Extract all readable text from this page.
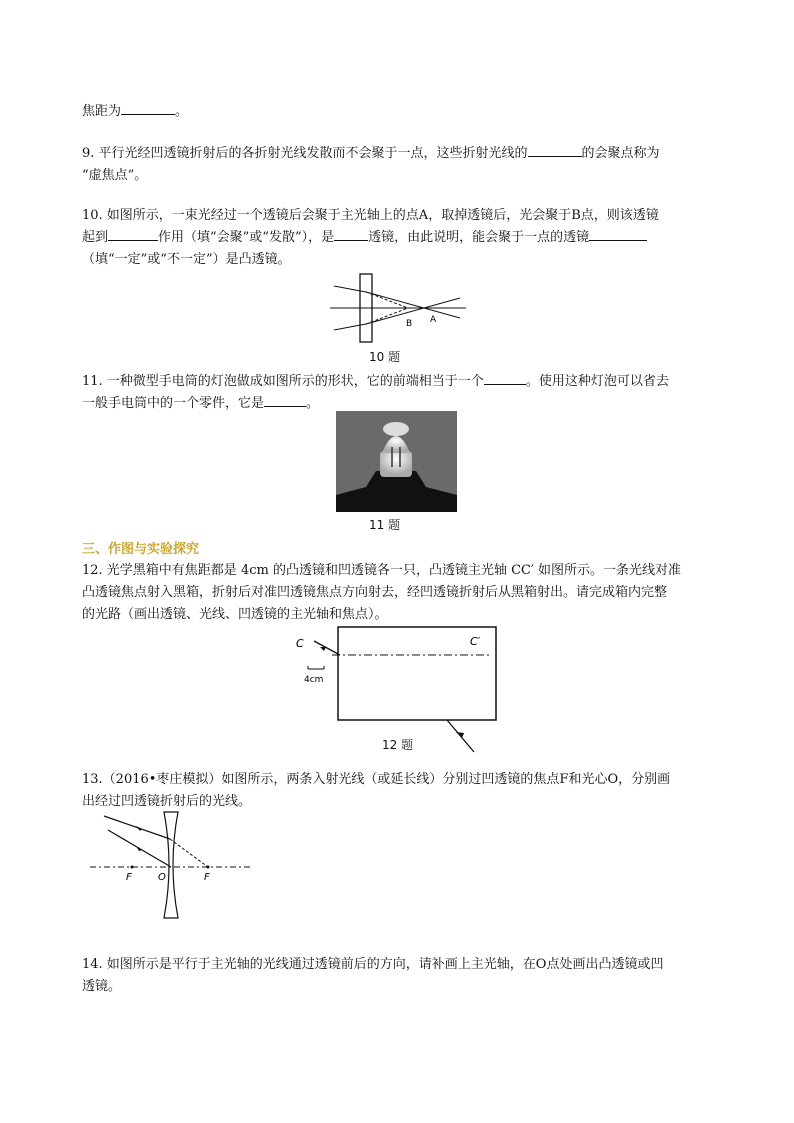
焦距为	。
9. 平行光经凹透镜折射后的各折射光线发散而不会聚于一点，这些折射光线的	的会聚点称为
“虚焦点”。
10. 如图所示，一束光经过一个透镜后会聚于主光轴上的点A，取掉透镜后，光会聚于B点，则该透镜
起到	作用（填“会聚”或“发散”），是	透镜，由此说明，能会聚于一点的透镜
（填“一定”或“不一定”）是凸透镜。
B A
10 题
11. 一种微型手电筒的灯泡做成如图所示的形状，它的前端相当于一个	。使用这种灯泡可以省去
一般手电筒中的一个零件，它是	。
11 题
三、作图与实验探究
12. 光学黑箱中有焦距都是 4cm 的凸透镜和凹透镜各一只，凸透镜主光轴 CC′ 如图所示。一条光线对准
凸透镜焦点射入黑箱，折射后对准凹透镜焦点方向射去，经凹透镜折射后从黑箱射出。请完成箱内完整
的光路（画出透镜、光线、凹透镜的主光轴和焦点）。
C	C′
4cm
12 题
13.（2016•枣庄模拟）如图所示，两条入射光线（或延长线）分别过凹透镜的焦点F和光心O，分别画
出经过凹透镜折射后的光线。
F	O	F
14. 如图所示是平行于主光轴的光线通过透镜前后的方向，请补画上主光轴，在O点处画出凸透镜或凹
透镜。
